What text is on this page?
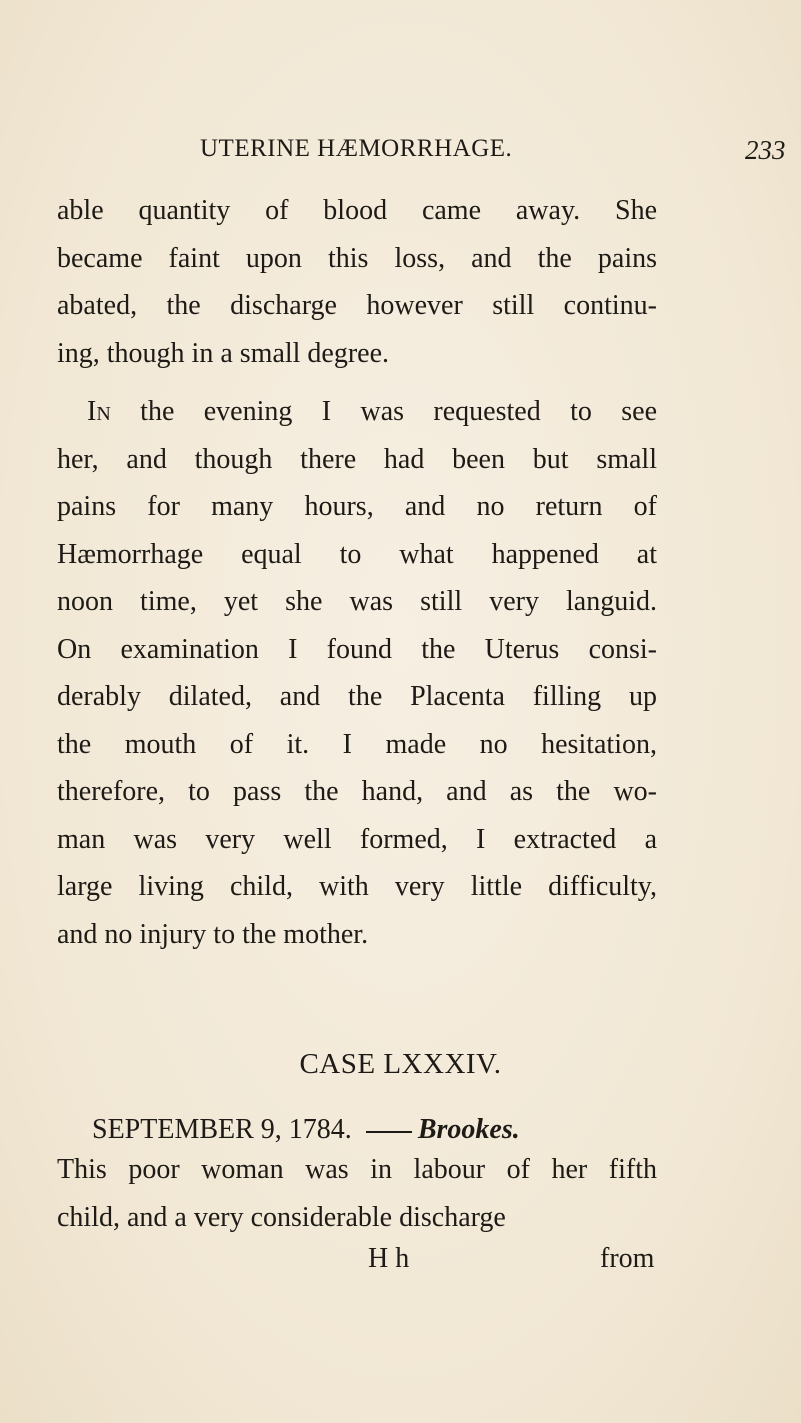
UTERINE HÆMORRHAGE.	233
able quantity of blood came away. She
became faint upon this loss, and the pains
abated, the discharge however still continu-
ing, though in a small degree.
In the evening I was requested to see
her, and though there had been but small
pains for many hours, and no return of
Hæmorrhage equal to what happened at
noon time, yet she was still very languid.
On examination I found the Uterus consi-
derably dilated, and the Placenta filling up
the mouth of it. I made no hesitation,
therefore, to pass the hand, and as the wo-
man was very well formed, I extracted a
large living child, with very little difficulty,
and no injury to the mother.
CASE LXXXIV.
SEPTEMBER 9, 1784. Brookes.
This poor woman was in labour of her fifth
child, and a very considerable discharge
H h	from
